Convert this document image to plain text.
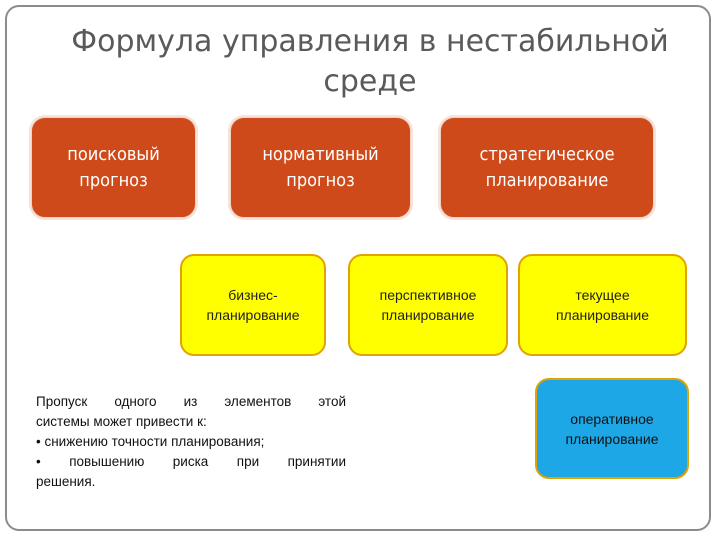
Формула управления в нестабильной среде
поисковый
прогноз
нормативный
прогноз
стратегическое
планирование
бизнес-
планирование
перспективное
планирование
текущее
планирование
оперативное
планирование

Пропуск одного из элементов этой

системы может привести к:

• снижению точности планирования;

• повышению риска при принятии

решения.
